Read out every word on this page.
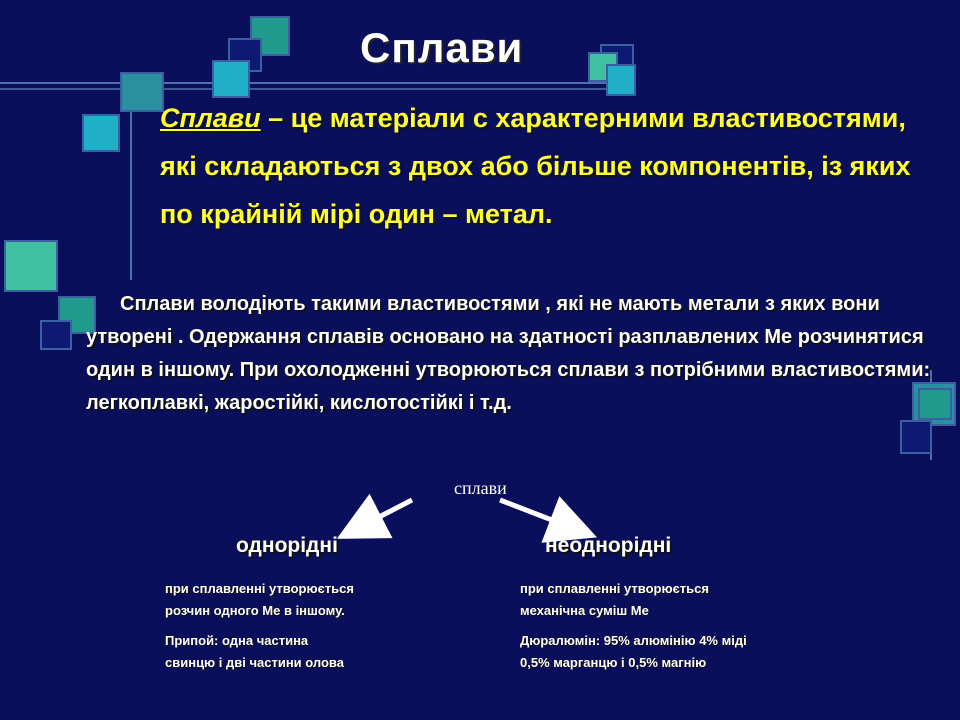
Сплави
Сплави – це матеріали с характерними властивостями, які складаються з двох або більше компонентів, із яких по крайній мірі один – метал.
Сплави володіють такими властивостями , які не мають метали з яких вони утворені . Одержання сплавів основано на здатності разплавлених Ме розчинятися один в іншому. При охолодженні утворюються сплави з потрібними властивостями: легкоплавкі, жаростійкі, кислотостійкі і т.д.
сплави
однорідні	неоднорідні
при сплавленні утворюється
розчин одного Ме в іншому.
Припой: одна частина
свинцю і дві частини олова
при сплавленні утворюється
механічна суміш Ме
Дюралюмін: 95% алюмінію 4% міді
0,5% марганцю і 0,5% магнію
